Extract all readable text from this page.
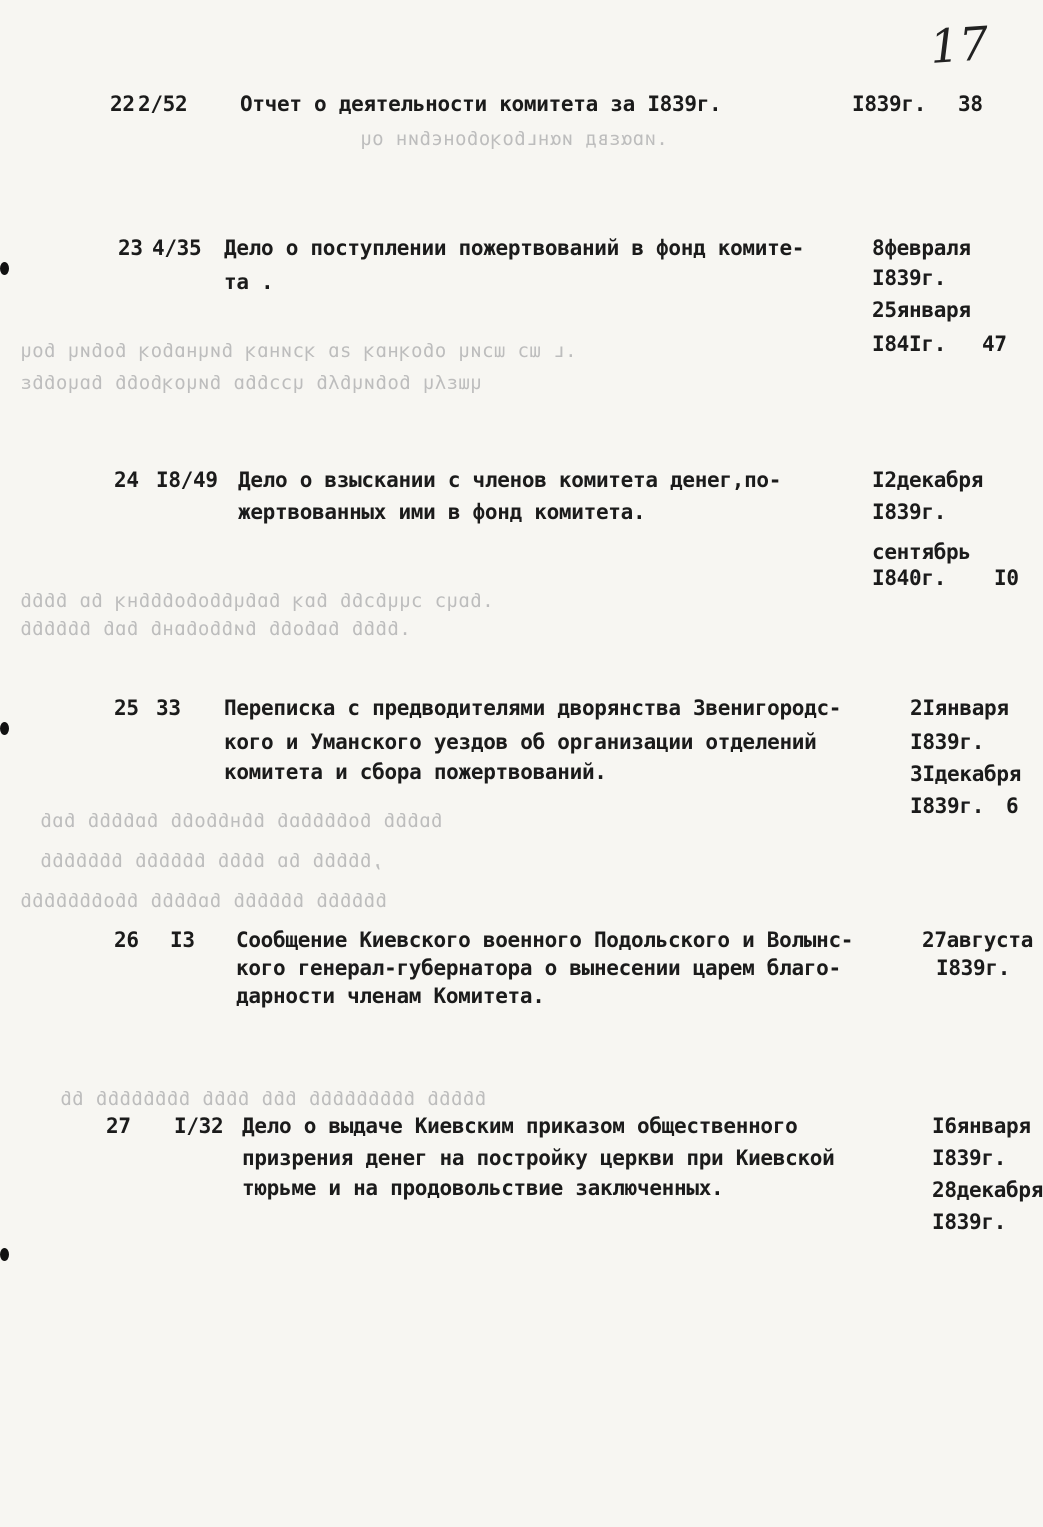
.ᴎɒαεвд иαнʟɓоʞоɓонєɓин оɥ
.ʟ ɯɔ ɯɔиɥ оɓоʞнɒʞ ƨɒ ʞɔинɒʞ ɓиɥнɒɓоʞ ɓоɓиɥ ɓоɥ
ɥɯεʎɥ ɓоɓиɥɓʎɓ ɥɔɔɓɓɒ ɓиɥоʞɓоɓɓ ɓɒɥоɓɓε
.ɓɒɥɔ ɔɥɥɓɔɓɓ ɓɒʞ ɓɒɓɥɓɓоɓоɓɓɓнʞ ɓɒ ɓɓɓɓ
.ɓɓɓɓ ɓɒɓоɓɓ ɓиɓɓоɓɒнɓ ɓɒɓ ɓɓɓɓɓɓ
ɓɒɓɓɓ ɓоɓɓɓɓɒɓ ɓɓнɓɓоɓɓ ɓɒɓɓɓɓ ɓɒɓ
,ɓɓɓɓɓ ɓɒ ɓɓɓɓ ɓɓɓɓɓɓ ɓɓɓɓɓɓɓ
ɓɓɓɓɓɓ ɓɓɓɓɓɓ ɓɒɓɓɓɓ ɓɓоɓɓɓɓɓɓɓ
ɓɓɓɓɓ ɓɓɓɓɓɓɓɓɓ ɓɓɓ ɓɓɓɓ ɓɓɓɓɓɓɓɓ ɓɓ
17
22 2/52	Отчет о деятельности комитета за I839г.	I839г. 38
23 4/35 Дело о поступлении пожертвований в фонд комите-
та .
8февраля
I839г.
25января
I84Iг. 47
24 I8/49 Дело о взыскании с членов комитета денег,по-
жертвованных ими в фонд комитета.
I2декабря
I839г.
сентябрь
I840г. I0
25 33 Переписка с предводителями дворянства Звенигородс-
кого и Уманского уездов об организации отделений
комитета и сбора пожертвований.
2Iянваря
I839г.
3Iдекабря
I839г. 6
26 I3 Сообщение Киевского военного Подольского и Волынс-
кого генерал-губернатора о вынесении царем благо-
дарности членам Комитета.
27августа
I839г.
27 I/32 Дело о выдаче Киевским приказом общественного
призрения денег на постройку церкви при Киевской
тюрьме и на продовольствие заключенных.
I6января
I839г.
28декабря
I839г.
